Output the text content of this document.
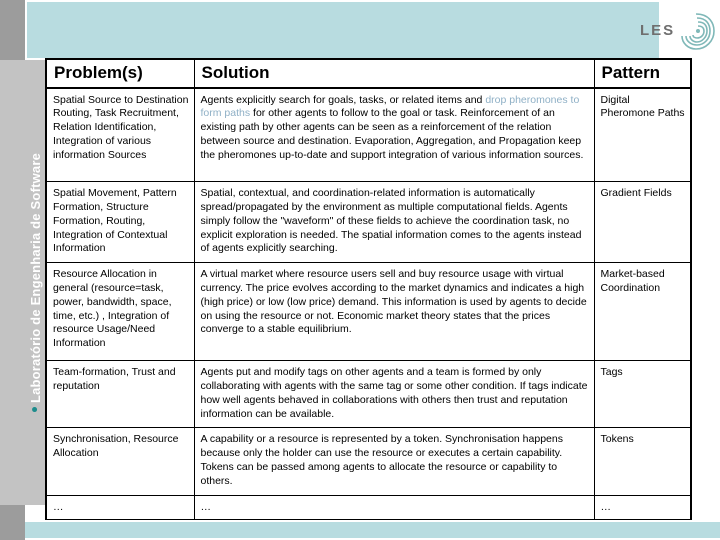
Laboratório de Engenharia de Software
LES
Problem(s)	Solution	Pattern
Spatial Source to Destination Routing, Task Recruitment, Relation Identification, Integration of various information Sources	Agents explicitly search for goals, tasks, or related items and drop pheromones to form paths for other agents to follow to the goal or task. Reinforcement of an existing path by other agents can be seen as a reinforcement of the relation between source and destination. Evaporation, Aggregation, and Propagation keep the pheromones up-to-date and support integration of various information sources.	Digital Pheromone Paths
Spatial Movement, Pattern Formation, Structure Formation, Routing, Integration of Contextual Information	Spatial, contextual, and coordination-related information is automatically spread/propagated by the environment as multiple computational fields. Agents simply follow the "waveform" of these fields to achieve the coordination task, no explicit exploration is needed. The spatial information comes to the agents instead of agents explicitly searching.	Gradient Fields
Resource Allocation in general (resource=task, power, bandwidth, space, time, etc.) , Integration of resource Usage/Need Information	A virtual market where resource users sell and buy resource usage with virtual currency. The price evolves according to the market dynamics and indicates a high (high price) or low (low price) demand. This information is used by agents to decide on using the resource or not. Economic market theory states that the prices converge to a stable equilibrium.	Market-based Coordination
Team-formation, Trust and reputation	Agents put and modify tags on other agents and a team is formed by only collaborating with agents with the same tag or some other condition. If tags indicate how well agents behaved in collaborations with others then trust and reputation information can be available.	Tags
Synchronisation, Resource Allocation	A capability or a resource is represented by a token. Synchronisation happens because only the holder can use the resource or executes a certain capability. Tokens can be passed among agents to allocate the resource or capability to others.	Tokens
…	…	…
